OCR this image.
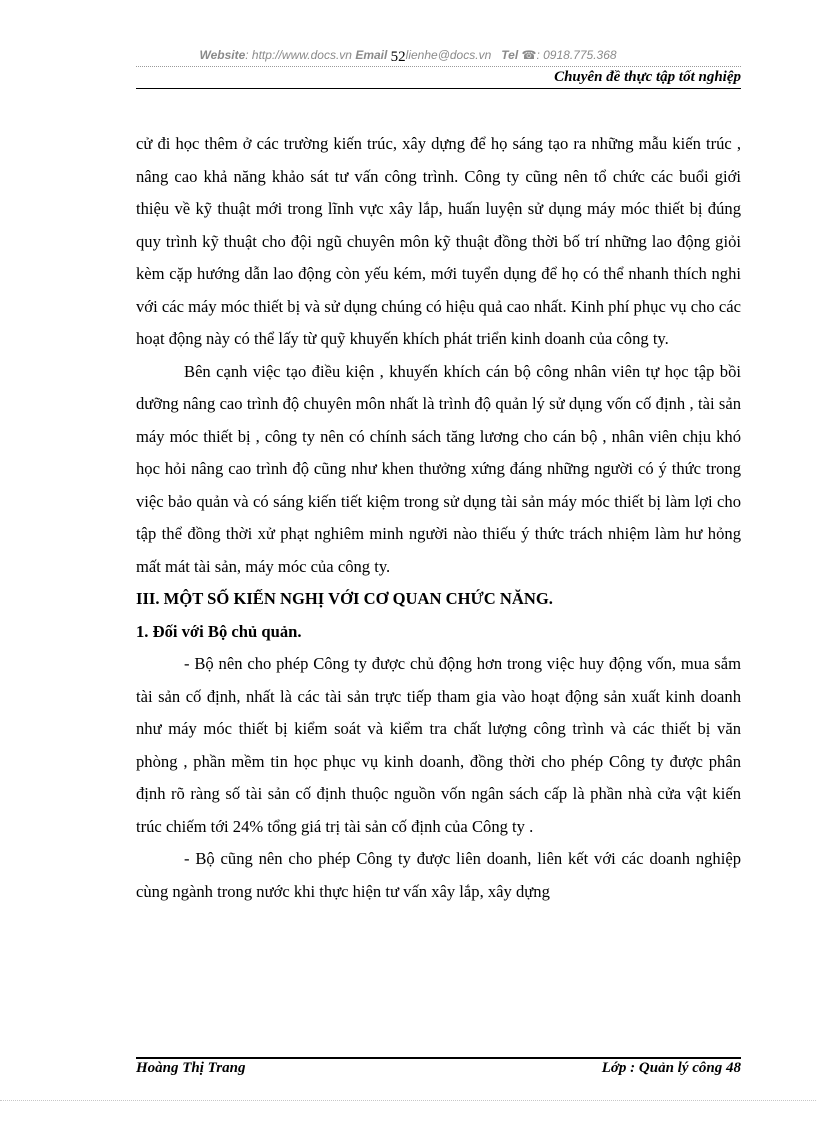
Website: http://www.docs.vn Email 52lienhe@docs.vn Tel ☎: 0918.775.368
Chuyên đề thực tập tốt nghiệp

cử đi học thêm ở các trường kiến trúc, xây dựng để họ sáng tạo ra những mẫu kiến trúc , nâng cao khả năng khảo sát tư vấn công trình. Công ty cũng nên tổ chức các buổi giới thiệu về kỹ thuật mới trong lĩnh vực xây lắp, huấn luyện sử dụng máy móc thiết bị đúng quy trình kỹ thuật cho đội ngũ chuyên môn kỹ thuật đồng thời bố trí những lao động giỏi kèm cặp hướng dẫn lao động còn yếu kém, mới tuyển dụng để họ có thể nhanh thích nghi với các máy móc thiết bị và sử dụng chúng có hiệu quả cao nhất. Kinh phí phục vụ cho các hoạt động này có thể lấy từ quỹ khuyến khích phát triển kinh doanh của công ty.

Bên cạnh việc tạo điều kiện , khuyến khích cán bộ công nhân viên tự học tập bồi dưỡng nâng cao trình độ chuyên môn nhất là trình độ quản lý sử dụng vốn cố định , tài sản máy móc thiết bị , công ty nên có chính sách tăng lương cho cán bộ , nhân viên chịu khó học hỏi nâng cao trình độ cũng như khen thưởng xứng đáng những người có ý thức trong việc bảo quản và có sáng kiến tiết kiệm trong sử dụng tài sản máy móc thiết bị làm lợi cho tập thể đồng thời xử phạt nghiêm minh người nào thiếu ý thức trách nhiệm làm hư hỏng mất mát tài sản, máy móc của công ty.

III. MỘT SỐ KIẾN NGHỊ VỚI CƠ QUAN CHỨC NĂNG.

1. Đối với Bộ chủ quản.

- Bộ nên cho phép Công ty được chủ động hơn trong việc huy động vốn, mua sắm tài sản cố định, nhất là các tài sản trực tiếp tham gia vào hoạt động sản xuất kinh doanh như máy móc thiết bị kiểm soát và kiểm tra chất lượng công trình và các thiết bị văn phòng , phần mềm tin học phục vụ kinh doanh, đồng thời cho phép Công ty được phân định rõ ràng số tài sản cố định thuộc nguồn vốn ngân sách cấp là phần nhà cửa vật kiến trúc chiếm tới 24% tổng giá trị tài sản cố định của Công ty .

- Bộ cũng nên cho phép Công ty được liên doanh, liên kết với các doanh nghiệp cùng ngành trong nước khi thực hiện tư vấn xây lắp, xây dựng

Hoàng Thị Trang	Lớp : Quản lý công 48
